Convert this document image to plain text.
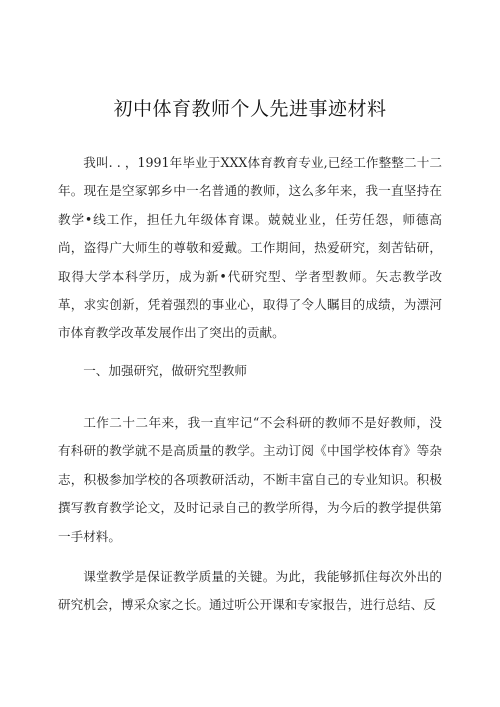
初中体育教师个人先进事迹材料

我叫. . ，1991年毕业于XXX体育教育专业,已经工作整整二十二年。现在是空冢郭乡中一名普通的教师，这么多年来，我一直坚持在教学•线工作，担任九年级体育课。兢兢业业，任劳任怨，师德高尚，盗得广大师生的尊敬和爱戴。工作期间，热爱研究，刻苦钻研，取得大学本科学历，成为新•代研究型、学者型教师。矢志教学改革，求实创新，凭着强烈的事业心，取得了令人瞩目的成绩，为漂河市体育教学改革发展作出了突出的贡献。

一、加强研究，做研究型教师

工作二十二年来，我一直牢记“不会科研的教师不是好教师，没有科研的教学就不是高质量的教学。主动订阅《中国学校体育》等杂志，积极参加学校的各项教研活动，不断丰富自己的专业知识。积极撰写教育教学论文，及时记录自己的教学所得，为今后的教学提供第一手材料。

课堂教学是保证教学质量的关键。为此，我能够抓住每次外出的研究机会，博采众家之长。通过听公开课和专家报告，进行总结、反
